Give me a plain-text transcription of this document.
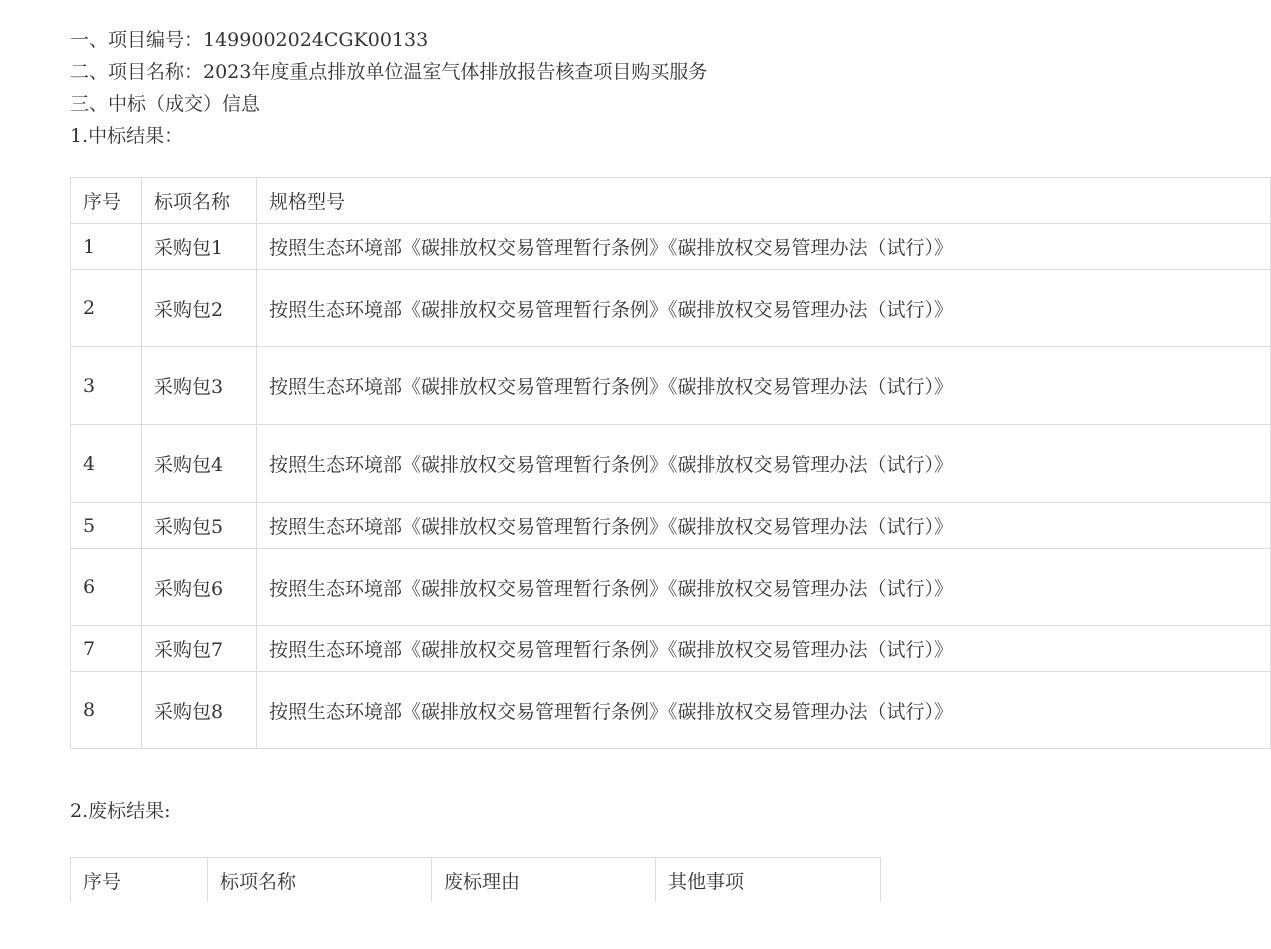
一、项目编号：1499002024CGK00133
二、项目名称：2023年度重点排放单位温室气体排放报告核查项目购买服务
三、中标（成交）信息
1.中标结果：
序号	标项名称	规格型号
1	采购包1	按照生态环境部《碳排放权交易管理暂行条例》《碳排放权交易管理办法（试行）》
2	采购包2	按照生态环境部《碳排放权交易管理暂行条例》《碳排放权交易管理办法（试行）》
3	采购包3	按照生态环境部《碳排放权交易管理暂行条例》《碳排放权交易管理办法（试行）》
4	采购包4	按照生态环境部《碳排放权交易管理暂行条例》《碳排放权交易管理办法（试行）》
5	采购包5	按照生态环境部《碳排放权交易管理暂行条例》《碳排放权交易管理办法（试行）》
6	采购包6	按照生态环境部《碳排放权交易管理暂行条例》《碳排放权交易管理办法（试行）》
7	采购包7	按照生态环境部《碳排放权交易管理暂行条例》《碳排放权交易管理办法（试行）》
8	采购包8	按照生态环境部《碳排放权交易管理暂行条例》《碳排放权交易管理办法（试行）》
2.废标结果:
序号	标项名称	废标理由	其他事项
